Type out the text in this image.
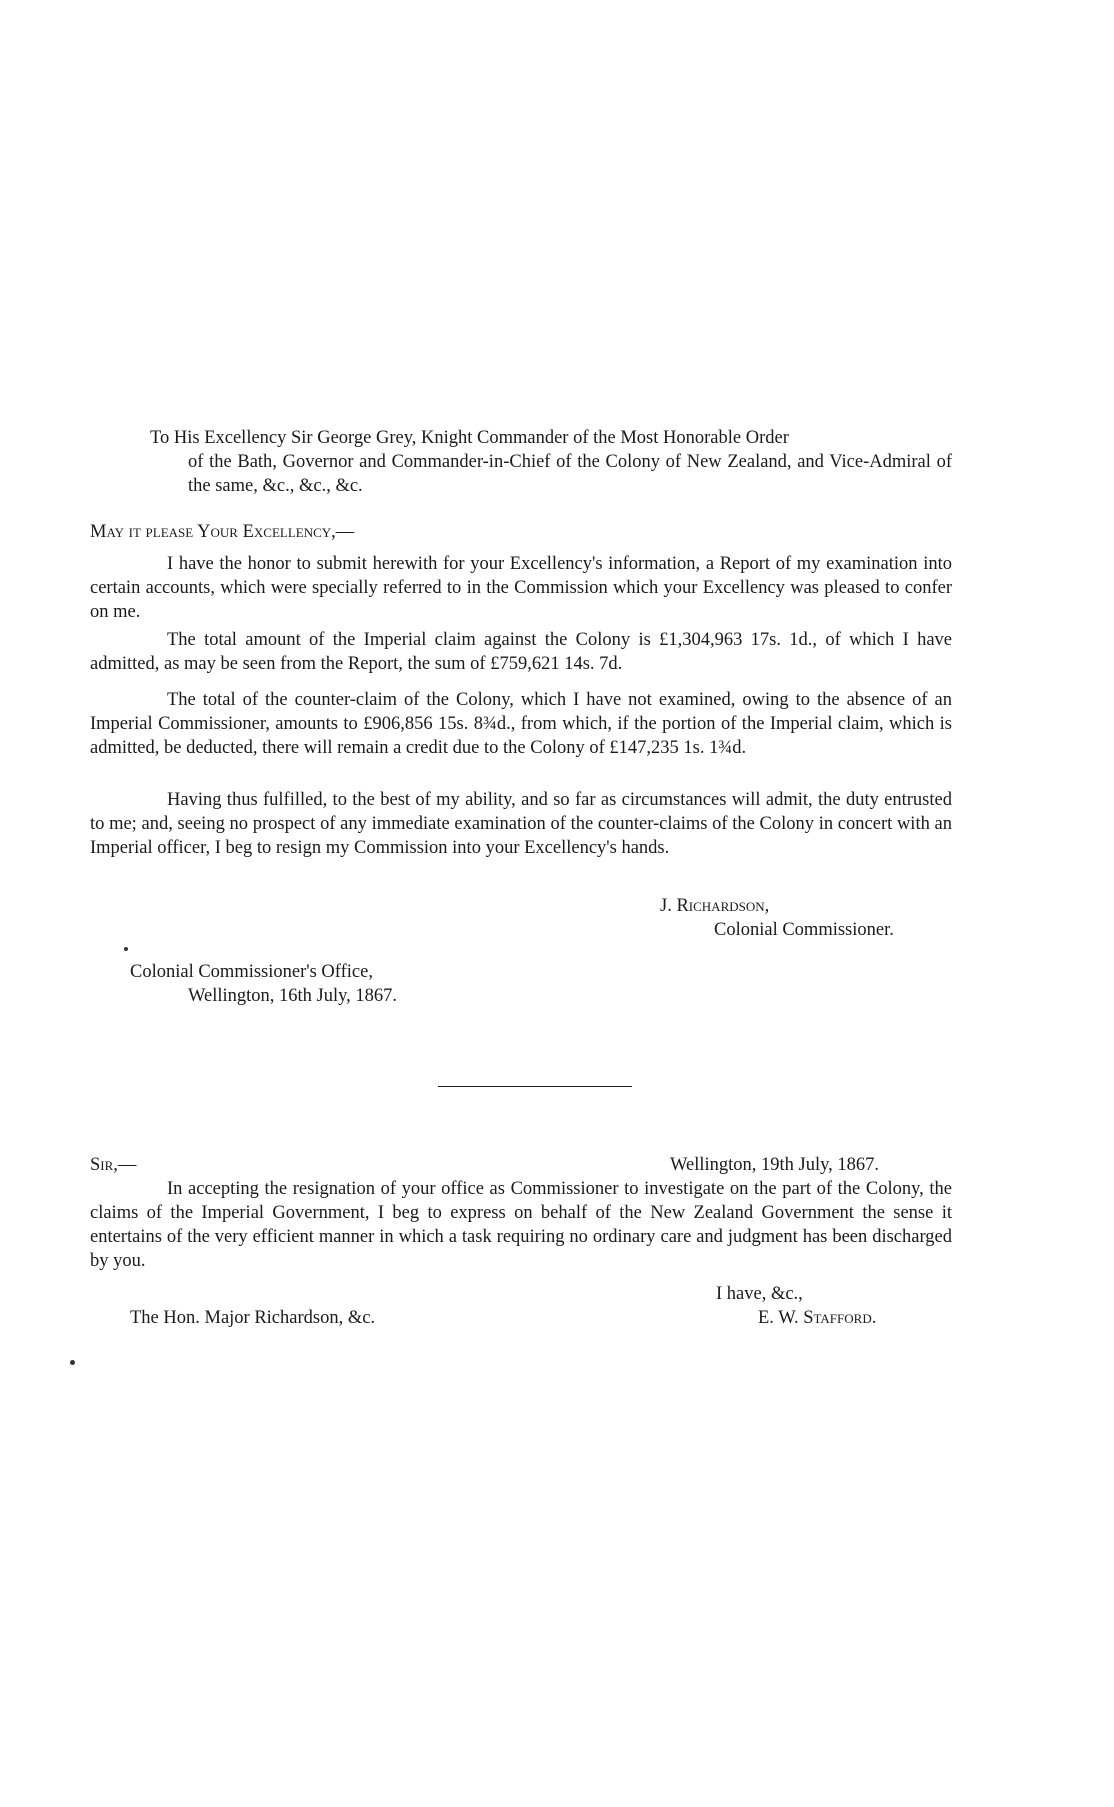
To His Excellency Sir George Grey, Knight Commander of the Most Honorable Order
of the Bath, Governor and Commander-in-Chief of the Colony of New Zealand, and Vice-Admiral of the same, &c., &c., &c.

May it please Your Excellency,—

I have the honor to submit herewith for your Excellency's information, a Report of my examination into certain accounts, which were specially referred to in the Commission which your Excellency was pleased to confer on me.

The total amount of the Imperial claim against the Colony is £1,304,963 17s. 1d., of which I have admitted, as may be seen from the Report, the sum of £759,621 14s. 7d.

The total of the counter-claim of the Colony, which I have not examined, owing to the absence of an Imperial Commissioner, amounts to £906,856 15s. 8¾d., from which, if the portion of the Imperial claim, which is admitted, be deducted, there will remain a credit due to the Colony of £147,235 1s. 1¾d.

Having thus fulfilled, to the best of my ability, and so far as circumstances will admit, the duty entrusted to me; and, seeing no prospect of any immediate examination of the counter-claims of the Colony in concert with an Imperial officer, I beg to resign my Commission into your Excellency's hands.

J. Richardson,
Colonial Commissioner.
Colonial Commissioner's Office,
Wellington, 16th July, 1867.
Sir,—	Wellington, 19th July, 1867.

In accepting the resignation of your office as Commissioner to investigate on the part of the Colony, the claims of the Imperial Government, I beg to express on behalf of the New Zealand Government the sense it entertains of the very efficient manner in which a task requiring no ordinary care and judgment has been discharged by you.

I have, &c.,
E. W. Stafford.
The Hon. Major Richardson, &c.
